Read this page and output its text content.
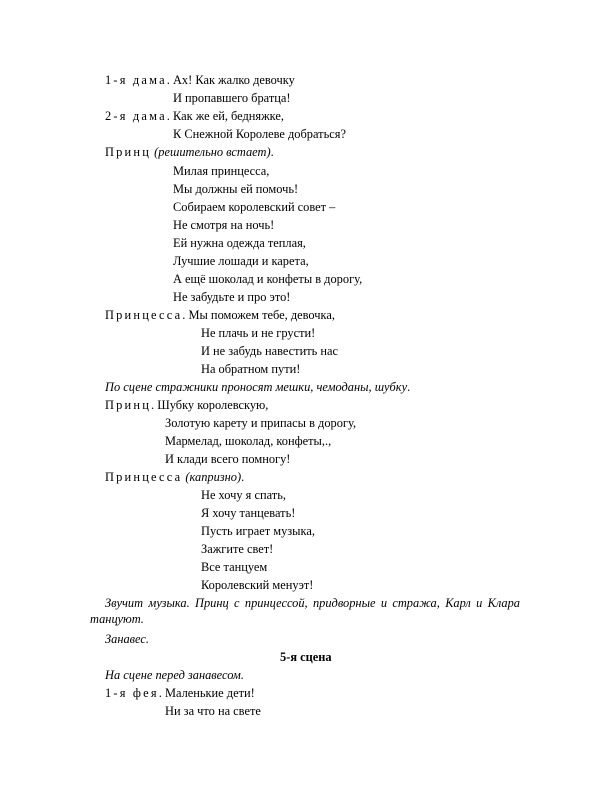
1-я дама. Ах! Как жалко девочку
И пропавшего братца!
2-я дама. Как же ей, бедняжке,
К Снежной Королеве добраться?
Принц (решительно встает).
Милая принцесса,
Мы должны ей помочь!
Собираем королевский совет –
Не смотря на ночь!
Ей нужна одежда теплая,
Лучшие лошади и карета,
А ещё шоколад и конфеты в дорогу,
Не забудьте и про это!
Принцесса. Мы поможем тебе, девочка,
Не плачь и не грусти!
И не забудь навестить нас
На обратном пути!
По сцене стражники проносят мешки, чемоданы, шубку.
Принц. Шубку королевскую,
Золотую карету и припасы в дорогу,
Мармелад, шоколад, конфеты,.,
И клади всего помногу!
Принцесса (капризно).
Не хочу я спать,
Я хочу танцевать!
Пусть играет музыка,
Зажгите свет!
Все танцуем
Королевский менуэт!
Звучит музыка. Принц с принцессой, придворные и стража, Карл и Клара танцуют.
Занавес.
5-я сцена
На сцене перед занавесом.
1-я фея. Маленькие дети!
Ни за что на свете
